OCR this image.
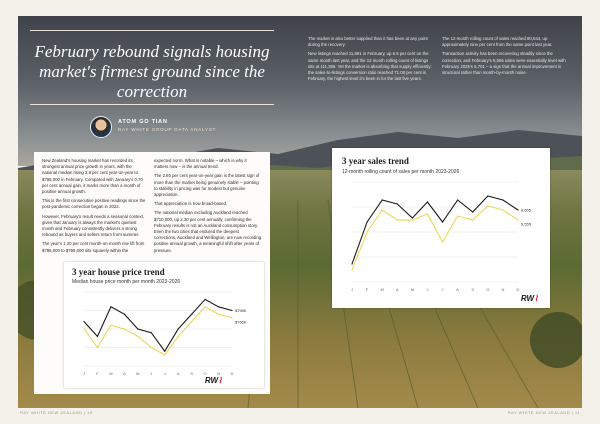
February rebound signals housing market's firmest ground since the correction
ATOM GO TIAN
RAY WHITE GROUP DATA ANALYST

The market is also better supplied than it has been at any point during the recovery.

New listings reached 11,891 in February, up 6.9 per cent on the same month last year, and the 12 month rolling count of listings sits at 111,396. Yet the market is absorbing that supply efficiently: the sales-to-listings conversion ratio reached 71.08 per cent in February, the highest level it's been in for the last five years.

The 12-month rolling count of sales reached 80,544, up approximately nine per cent from the same point last year.

Transaction activity has been recovering steadily since the correction, and February's 6,555 sales were essentially level with February 2025's 6,701 – a sign that the annual improvement is structural rather than month-by-month noise.

New Zealand's housing market has recorded its strongest annual price growth in years, with the national median rising 2.8 per cent year-on-year to $795,000 in February. Compared with January's 0.70 per cent annual gain, it marks more than a month of positive annual growth.

This is the first consecutive positive readings since the post-pandemic correction began in 2022.

However, February's result needs a seasonal context, given that January is always the market's quietest month and February consistently delivers a strong rebound as buyers and sellers return from summer.

The year's 1.20 per cent month-on-month rise lift from $785,000 to $795,000 sits squarely within the

expected norm. What is notable – which is why it matters now – is the annual trend.

The 2.80 per cent year-on-year gain is the latest sign of more than the market being genuinely stable – pointing to stability in pricing was for modest but genuine appreciation.

That appreciation is now broad-based.

The national median excluding Auckland reached $710,000, up 2.30 per cent annually, confirming the February results is not an Auckland consumption story. Even the two cities that endured the deepest corrections, Auckland and Wellington, are now recording positive annual growth, a meaningful shift after years of pressure.

3 year house price trend
Median house price month per month 2023-2026
J	F	M	A	M	J	J	A	S	O	N	D
$795K
$760K
RW⌇
3 year sales trend
12-month rolling count of sales per month 2023-2026
J	F	M	A	M	J	J	A	S	O	N	D
6,655
6,555
RW⌇
RAY WHITE NEW ZEALAND | 10	RAY WHITE NEW ZEALAND | 11
